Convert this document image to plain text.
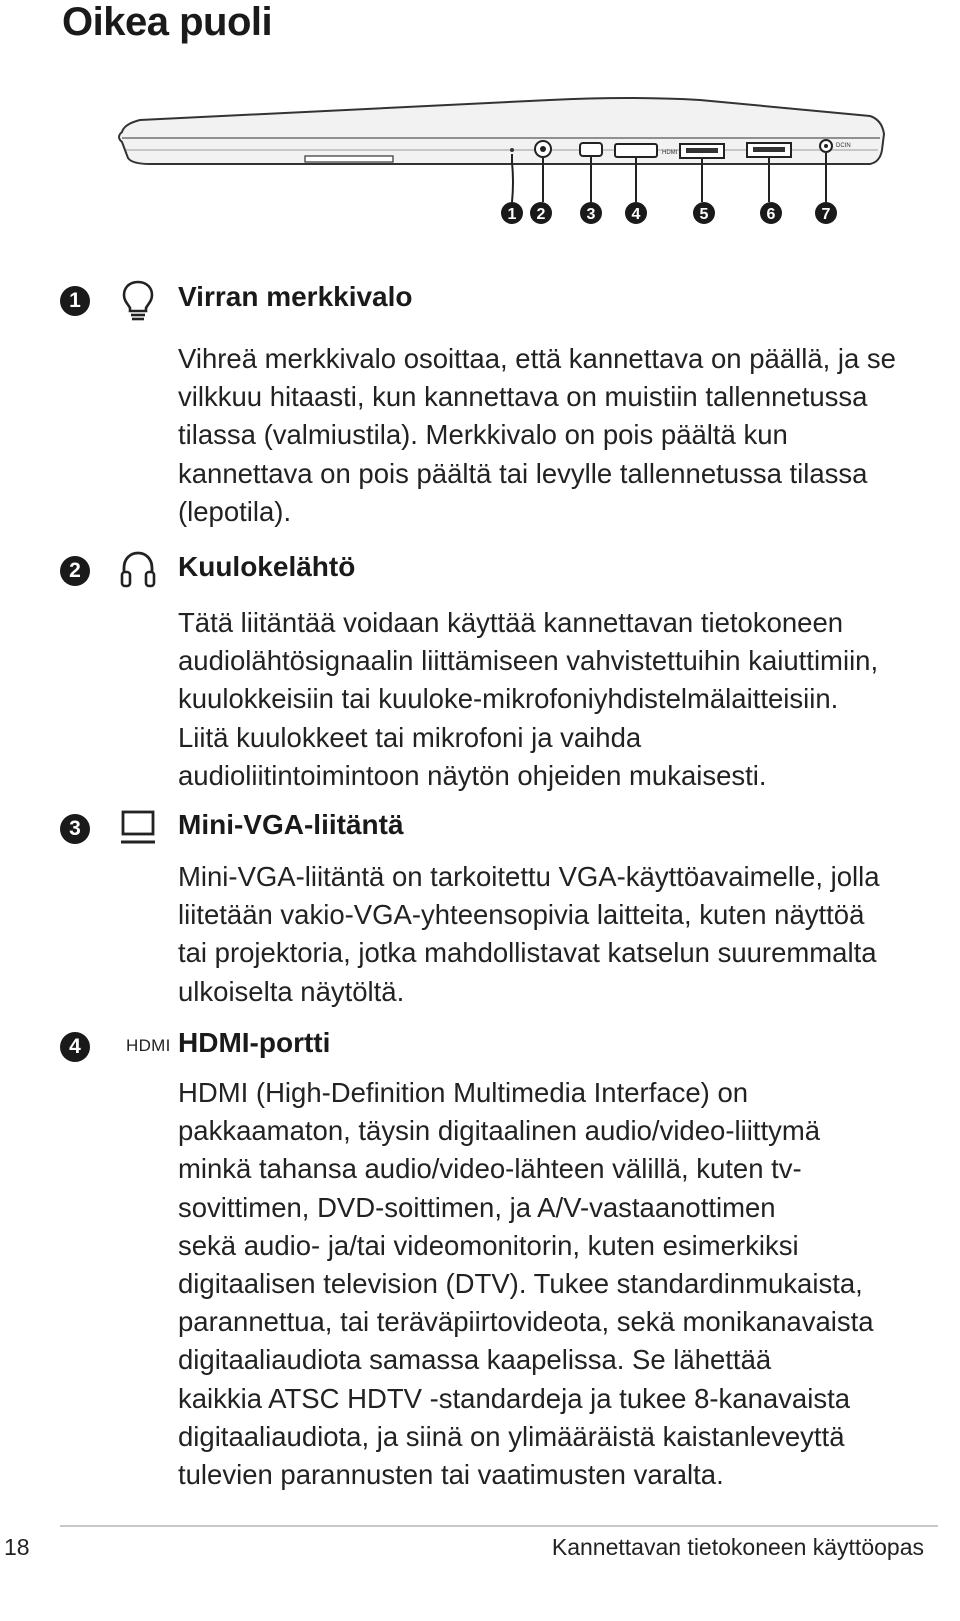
Oikea puoli
HDMI
DCIN
1 2	3 4	5	6	7
1	Virran merkkivalo
Vihreä merkkivalo osoittaa, että kannettava on päällä, ja se
vilkkuu hitaasti, kun kannettava on muistiin tallennetussa
tilassa (valmiustila). Merkkivalo on pois päältä kun
kannettava on pois päältä tai levylle tallennetussa tilassa
(lepotila).
2	Kuulokelähtö
Tätä liitäntää voidaan käyttää kannettavan tietokoneen
audiolähtösignaalin liittämiseen vahvistettuihin kaiuttimiin,
kuulokkeisiin tai kuuloke-mikrofoniyhdistelmälaitteisiin.
Liitä kuulokkeet tai mikrofoni ja vaihda
audioliitintoimintoon näytön ohjeiden mukaisesti.
3	Mini-VGA-liitäntä
Mini-VGA-liitäntä on tarkoitettu VGA-käyttöavaimelle, jolla
liitetään vakio-VGA-yhteensopivia laitteita, kuten näyttöä
tai projektoria, jotka mahdollistavat katselun suuremmalta
ulkoiselta näytöltä.
4	HDMI HDMI-portti
HDMI (High-Definition Multimedia Interface) on
pakkaamaton, täysin digitaalinen audio/video-liittymä
minkä tahansa audio/video-lähteen välillä, kuten tv-
sovittimen, DVD-soittimen, ja A/V-vastaanottimen
sekä audio- ja/tai videomonitorin, kuten esimerkiksi
digitaalisen television (DTV). Tukee standardinmukaista,
parannettua, tai teräväpiirtovideota, sekä monikanavaista
digitaaliaudiota samassa kaapelissa. Se lähettää
kaikkia ATSC HDTV -standardeja ja tukee 8-kanavaista
digitaaliaudiota, ja siinä on ylimääräistä kaistanleveyttä
tulevien parannusten tai vaatimusten varalta.
18	Kannettavan tietokoneen käyttöopas
